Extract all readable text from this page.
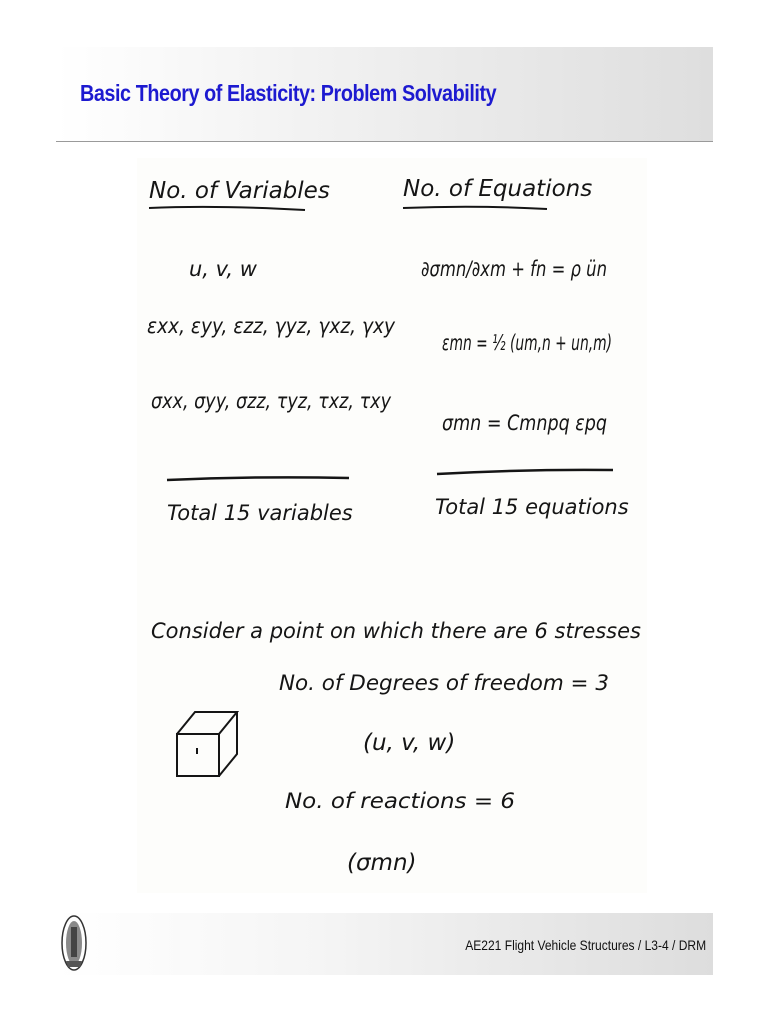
Basic Theory of Elasticity: Problem Solvability
No. of Variables	No. of Equations
u, v, w
εxx, εyy, εzz, γyz, γxz, γxy
σxx, σyy, σzz, τyz, τxz, τxy
∂σmn/∂xm + fn = ρ ün
εmn = ½ (um,n + un,m)
σmn = Cmnpq εpq
Total 15 variables	Total 15 equations
Consider a point on which there are 6 stresses
No. of Degrees of freedom = 3
(u, v, w)
No. of reactions = 6
(σmn)

AE221 Flight Vehicle Structures / L3-4 / DRM
